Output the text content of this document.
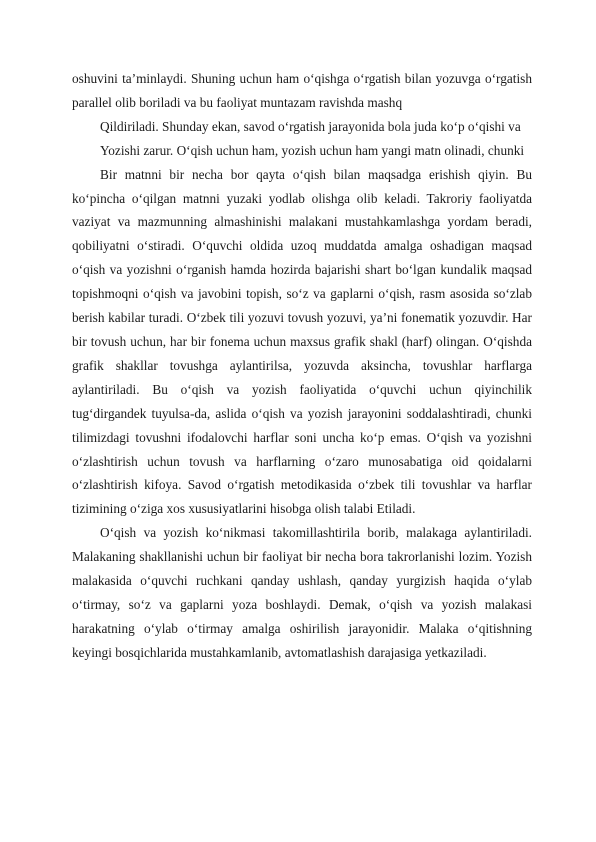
oshuvini ta’minlaydi. Shuning uchun ham o‘qishga o‘rgatish bilan yozuvga o‘rgatish parallel olib boriladi va bu faoliyat muntazam ravishda mashq

Qildiriladi. Shunday ekan, savod o‘rgatish jarayonida bola juda ko‘p o‘qishi va

Yozishi zarur. O‘qish uchun ham, yozish uchun ham yangi matn olinadi, chunki

Bir matnni bir necha bor qayta o‘qish bilan maqsadga erishish qiyin. Bu ko‘pincha o‘qilgan matnni yuzaki yodlab olishga olib keladi. Takroriy faoliyatda vaziyat va mazmunning almashinishi malakani mustahkamlashga yordam beradi, qobiliyatni o‘stiradi. O‘quvchi oldida uzoq muddatda amalga oshadigan maqsad o‘qish va yozishni o‘rganish hamda hozirda bajarishi shart bo‘lgan kundalik maqsad topishmoqni o‘qish va javobini topish, so‘z va gaplarni o‘qish, rasm asosida so‘zlab berish kabilar turadi. O‘zbek tili yozuvi tovush yozuvi, ya’ni fonematik yozuvdir. Har bir tovush uchun, har bir fonema uchun maxsus grafik shakl (harf) olingan. O‘qishda grafik shakllar tovushga aylantirilsa, yozuvda aksincha, tovushlar harflarga aylantiriladi. Bu o‘qish va yozish faoliyatida o‘quvchi uchun qiyinchilik tug‘dirgandek tuyulsa-da, aslida o‘qish va yozish jarayonini soddalashtiradi, chunki tilimizdagi tovushni ifodalovchi harflar soni uncha ko‘p emas. O‘qish va yozishni o‘zlashtirish uchun tovush va harflarning o‘zaro munosabatiga oid qoidalarni o‘zlashtirish kifoya. Savod o‘rgatish metodikasida o‘zbek tili tovushlar va harflar tizimining o‘ziga xos xususiyatlarini hisobga olish talabi Etiladi.

O‘qish va yozish ko‘nikmasi takomillashtirila borib, malakaga aylantiriladi. Malakaning shakllanishi uchun bir faoliyat bir necha bora takrorlanishi lozim. Yozish malakasida o‘quvchi ruchkani qanday ushlash, qanday yurgizish haqida o‘ylab o‘tirmay, so‘z va gaplarni yoza boshlaydi. Demak, o‘qish va yozish malakasi harakatning o‘ylab o‘tirmay amalga oshirilish jarayonidir. Malaka o‘qitishning keyingi bosqichlarida mustahkamlanib, avtomatlashish darajasiga yetkaziladi.
